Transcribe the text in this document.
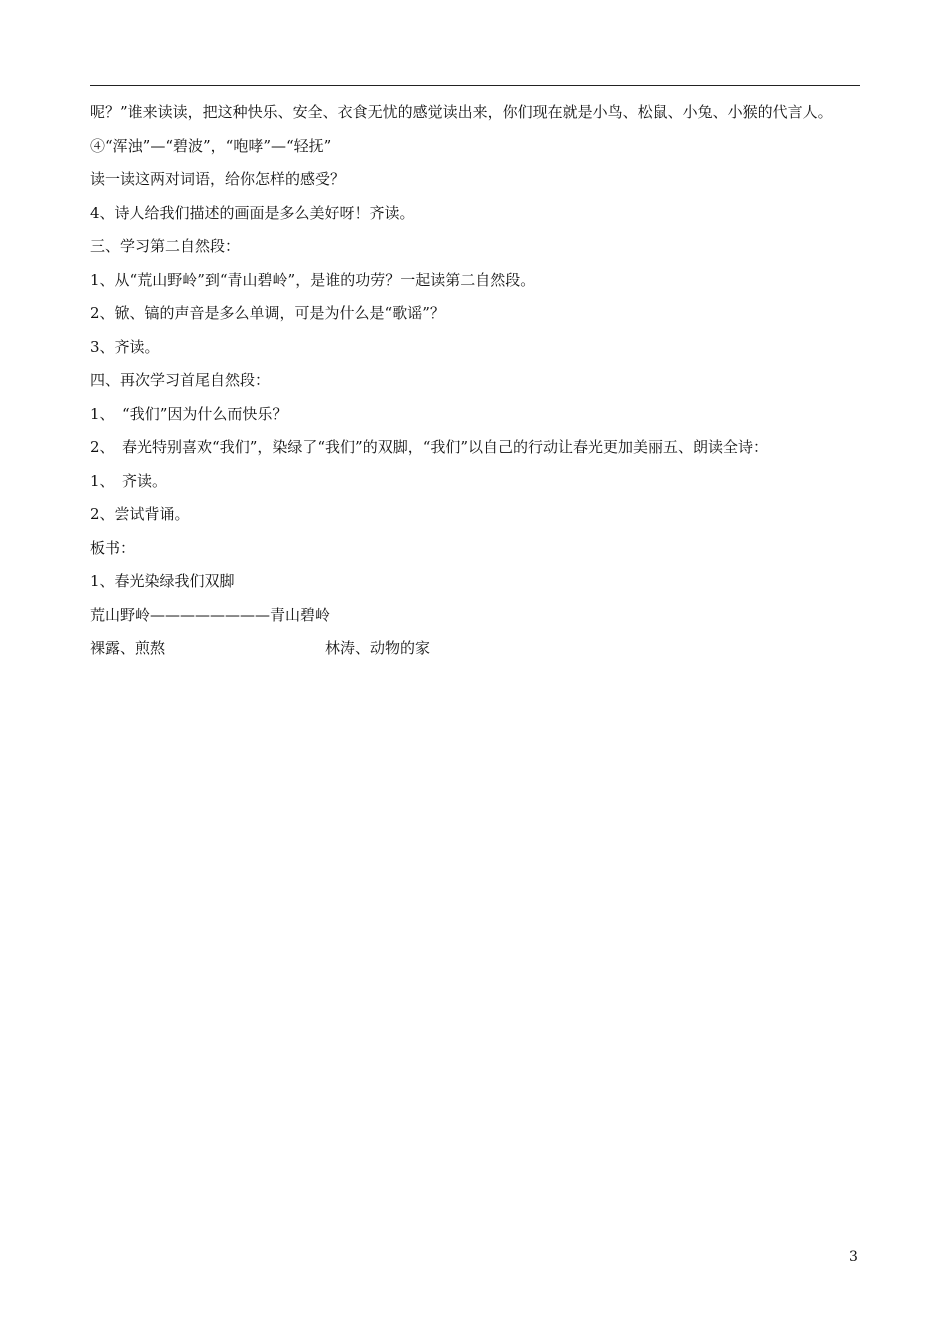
呢？”谁来读读，把这种快乐、安全、衣食无忧的感觉读出来，你们现在就是小鸟、松鼠、小兔、小猴的代言人。

④“浑浊”—“碧波”，“咆哮”—“轻抚”

读一读这两对词语，给你怎样的感受？

4、诗人给我们描述的画面是多么美好呀！齐读。

三、学习第二自然段：

1、从“荒山野岭”到“青山碧岭”，是谁的功劳？一起读第二自然段。

2、锨、镐的声音是多么单调，可是为什么是“歌谣”？

3、齐读。

四、再次学习首尾自然段：

1、　“我们”因为什么而快乐？

2、　春光特别喜欢“我们”，染绿了“我们”的双脚，“我们”以自己的行动让春光更加美丽五、朗读全诗：

1、　齐读。

2、尝试背诵。

板书：

1、春光染绿我们双脚

荒山野岭————————青山碧岭

裸露、煎熬	林涛、动物的家
3
